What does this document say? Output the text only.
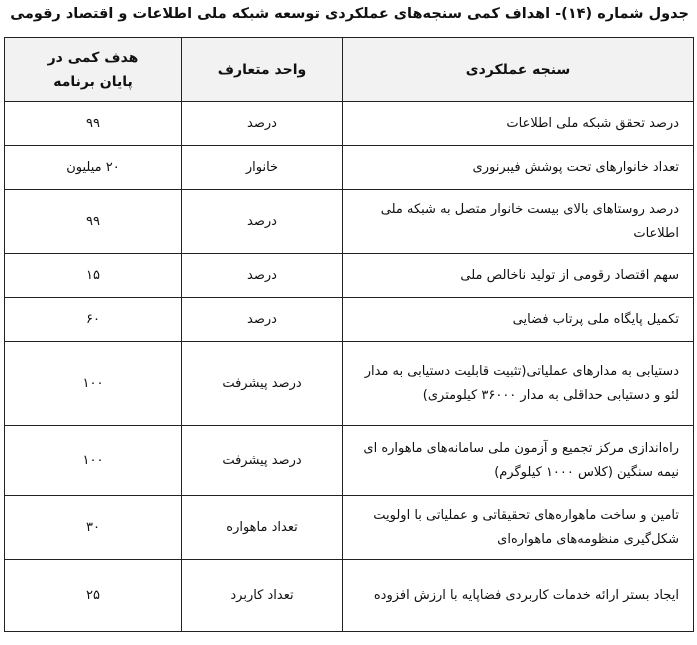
جدول شماره (۱۴)- اهداف کمی سنجه‌های عملکردی توسعه شبکه ملی اطلاعات و اقتصاد رقومی
سنجه عملکردی	واحد متعارف	هدف کمی در پایان برنامه
درصد تحقق شبکه ملی اطلاعات	درصد	۹۹
تعداد خانوارهای تحت پوشش فیبرنوری	خانوار	۲۰ میلیون
درصد روستاهای بالای بیست خانوار متصل به شبکه ملی اطلاعات	درصد	۹۹
سهم اقتصاد رقومی از تولید ناخالص ملی	درصد	۱۵
تکمیل پایگاه ملی پرتاب فضایی	درصد	۶۰
دستیابی به مدارهای عملیاتی(تثبیت قابلیت دستیابی به مدار لئو و دستیابی حداقلی به مدار ۳۶۰۰۰ کیلومتری)	درصد پیشرفت	۱۰۰
راه‌اندازی مرکز تجمیع و آزمون ملی سامانه‌های ماهواره ای نیمه سنگین (کلاس ۱۰۰۰ کیلوگرم)	درصد پیشرفت	۱۰۰
تامین و ساخت ماهواره‌های تحقیقاتی و عملیاتی با اولویت شکل‌گیری منظومه‌های ماهواره‌ای	تعداد ماهواره	۳۰
ایجاد بستر ارائه خدمات کاربردی فضاپایه با ارزش افزوده	تعداد کاربرد	۲۵
